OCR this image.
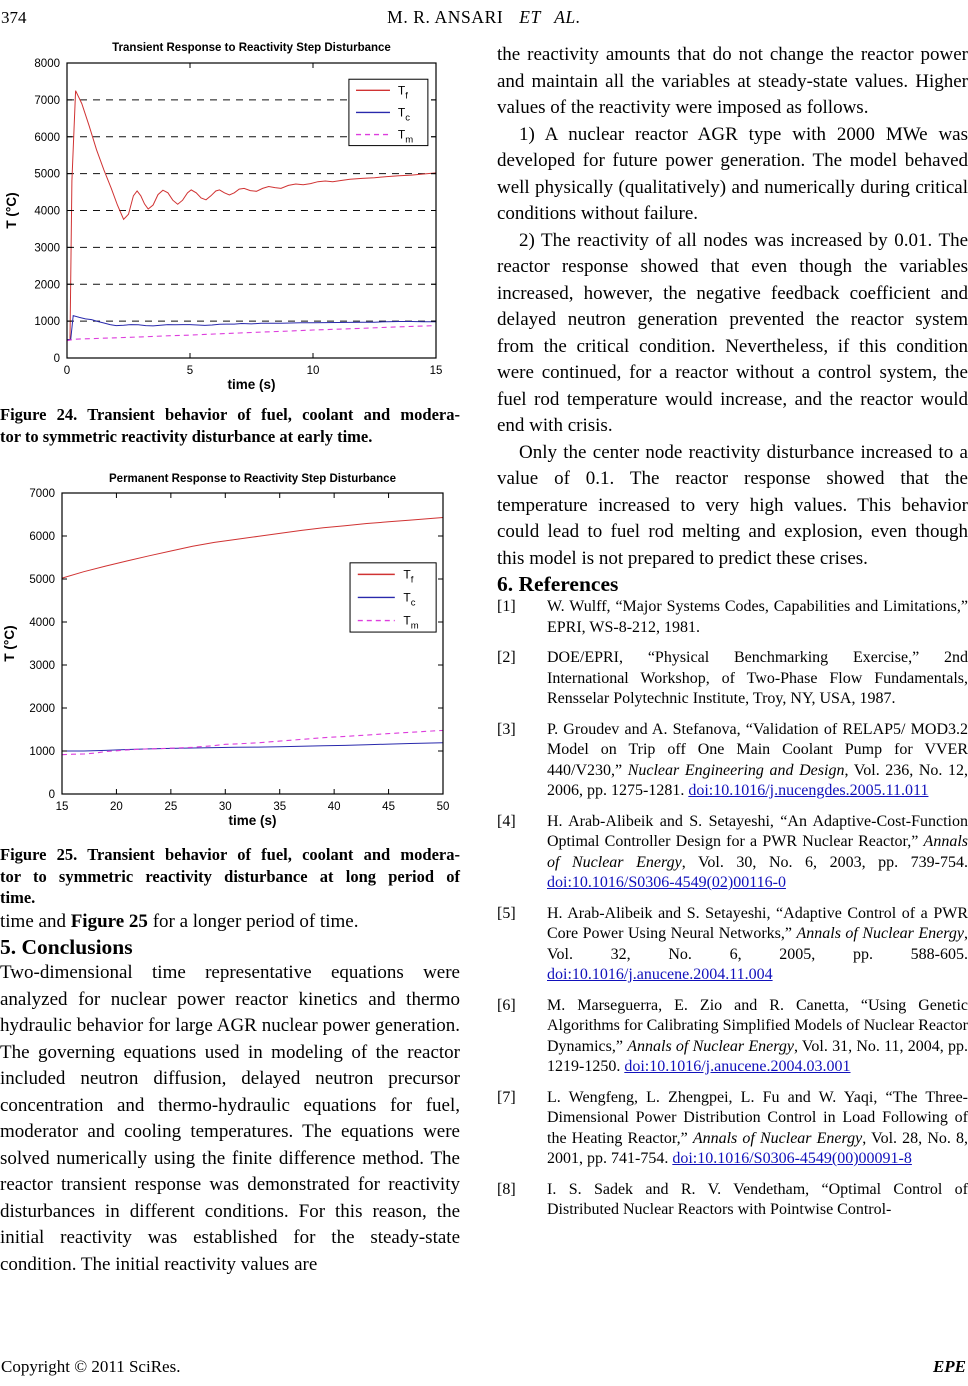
374	M. R. ANSARI ET AL.
0	5	10	15
0
1000
2000
3000
4000
5000
6000
7000
8000
Transient Response to Reactivity Step Disturbance
time (s)
T (°C)
$T_f$
$T_c$
$T_m$
Figure 24. Transient behavior of fuel, coolant and modera-
tor to symmetric reactivity disturbance at early time.
15	20	25	30	35	40	45	50
0
1000
2000
3000
4000
5000
6000
7000
Permanent Response to Reactivity Step Disturbance
time (s)
T (°C)
$T_f$
$T_c$
$T_m$
Figure 25. Transient behavior of fuel, coolant and modera-
tor to symmetric reactivity disturbance at long period of
time.

time and Figure 25 for a longer period of time.

5. Conclusions

Two-dimensional time representative equations were analyzed for nuclear power reactor kinetics and thermo hydraulic behavior for large AGR nuclear power generation. The governing equations used in modeling of the reactor included neutron diffusion, delayed neutron precursor concentration and thermo-hydraulic equations for fuel, moderator and cooling temperatures. The equations were solved numerically using the finite difference method. The reactor transient response was demonstrated for reactivity disturbances in different conditions. For this reason, the initial reactivity was established for the steady-state condition. The initial reactivity values are

the reactivity amounts that do not change the reactor power and maintain all the variables at steady-state values. Higher values of the reactivity were imposed as follows.

1) A nuclear reactor AGR type with 2000 MWe was developed for future power generation. The model behaved well physically (qualitatively) and numerically during critical conditions without failure.

2) The reactivity of all nodes was increased by 0.01. The reactor response showed that even though the variables increased, however, the negative feedback coefficient and delayed neutron generation prevented the reactor system from the critical condition. Nevertheless, if this condition were continued, for a reactor without a control system, the fuel rod temperature would increase, and the reactor would end with crisis.

Only the center node reactivity disturbance increased to a value of 0.1. The reactor response showed that the temperature increased to very high values. This behavior could lead to fuel rod melting and explosion, even though this model is not prepared to predict these crises.

6. References
[1]	W. Wulff, “Major Systems Codes, Capabilities and Limitations,” EPRI, WS-8-212, 1981.
[2]	DOE/EPRI, “Physical Benchmarking Exercise,” 2nd International Workshop, of Two-Phase Flow Fundamentals, Rensselar Polytechnic Institute, Troy, NY, USA, 1987.
[3]	P. Groudev and A. Stefanova, “Validation of RELAP5/ MOD3.2 Model on Trip off One Main Coolant Pump for VVER 440/V230,” Nuclear Engineering and Design, Vol. 236, No. 12, 2006, pp. 1275-1281. doi:10.1016/j.nucengdes.2005.11.011
[4]	H. Arab-Alibeik and S. Setayeshi, “An Adaptive-Cost-Function Optimal Controller Design for a PWR Nuclear Reactor,” Annals of Nuclear Energy, Vol. 30, No. 6, 2003, pp. 739-754. doi:10.1016/S0306-4549(02)00116-0
[5]	H. Arab-Alibeik and S. Setayeshi, “Adaptive Control of a PWR Core Power Using Neural Networks,” Annals of Nuclear Energy, Vol. 32, No. 6, 2005, pp. 588-605. doi:10.1016/j.anucene.2004.11.004
[6]	M. Marseguerra, E. Zio and R. Canetta, “Using Genetic Algorithms for Calibrating Simplified Models of Nuclear Reactor Dynamics,” Annals of Nuclear Energy, Vol. 31, No. 11, 2004, pp. 1219-1250. doi:10.1016/j.anucene.2004.03.001
[7]	L. Wengfeng, L. Zhengpei, L. Fu and W. Yaqi, “The Three-Dimensional Power Distribution Control in Load Following of the Heating Reactor,” Annals of Nuclear Energy, Vol. 28, No. 8, 2001, pp. 741-754. doi:10.1016/S0306-4549(00)00091-8
[8]	I. S. Sadek and R. V. Vendetham, “Optimal Control of Distributed Nuclear Reactors with Pointwise Control-
Copyright © 2011 SciRes.	EPE
